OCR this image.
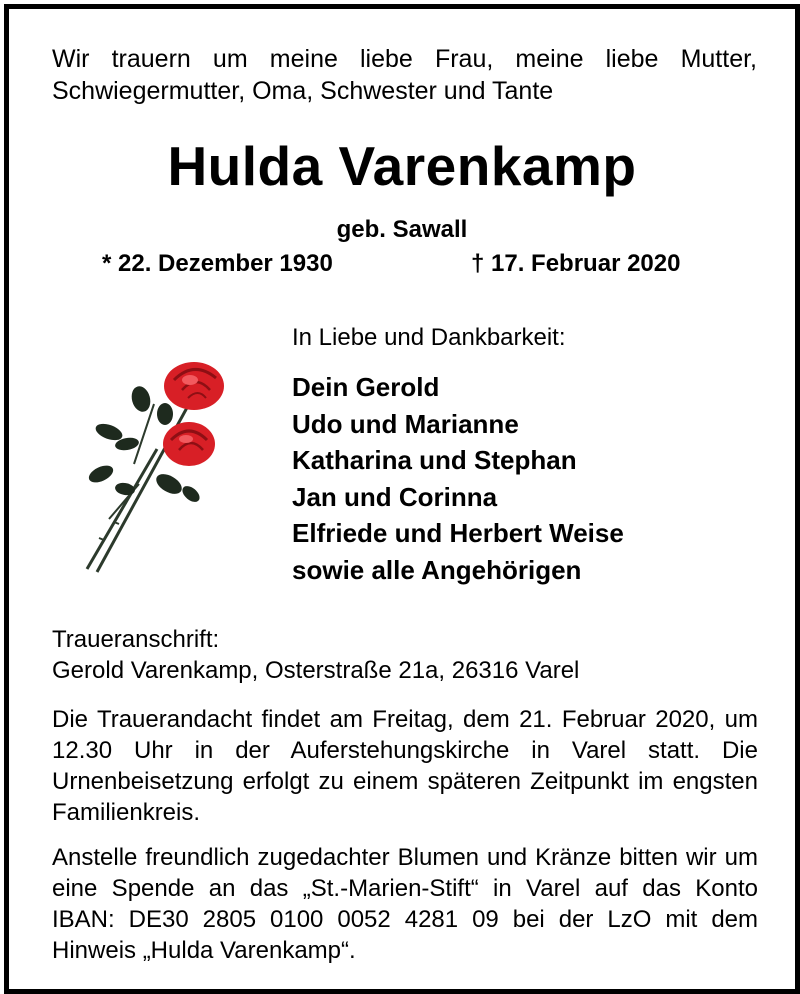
Wir trauern um meine liebe Frau, meine liebe Mutter, Schwiegermutter, Oma, Schwester und Tante
Hulda Varenkamp
geb. Sawall
* 22. Dezember 1930	† 17. Februar 2020
In Liebe und Dankbarkeit:
Dein Gerold
Udo und Marianne
Katharina und Stephan
Jan und Corinna
Elfriede und Herbert Weise
sowie alle Angehörigen
Traueranschrift:
Gerold Varenkamp, Osterstraße 21a, 26316 Varel
Die Trauerandacht findet am Freitag, dem 21. Februar 2020, um 12.30 Uhr in der Auferstehungskirche in Varel statt. Die Urnenbeisetzung erfolgt zu einem späteren Zeitpunkt im engsten Familienkreis.
Anstelle freundlich zugedachter Blumen und Kränze bitten wir um eine Spende an das „St.-Marien-Stift“ in Varel auf das Konto IBAN: DE30 2805 0100 0052 4281 09 bei der LzO mit dem Hinweis „Hulda Varenkamp“.
